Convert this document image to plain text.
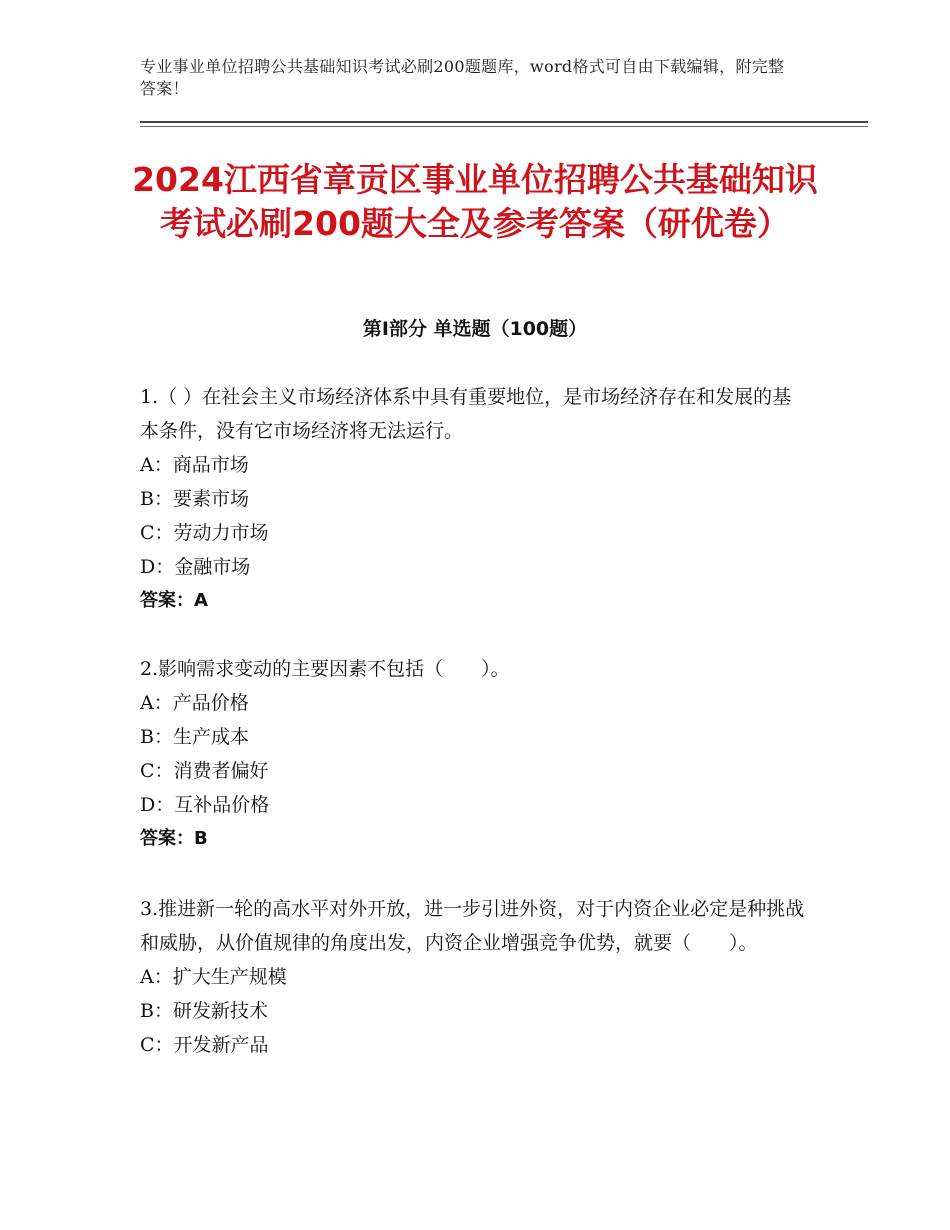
专业事业单位招聘公共基础知识考试必刷200题题库，word格式可自由下载编辑，附完整答案！
2024江西省章贡区事业单位招聘公共基础知识考试必刷200题大全及参考答案（研优卷）
第Ⅰ部分 单选题（100题）

1.（ ）在社会主义市场经济体系中具有重要地位，是市场经济存在和发展的基本条件，没有它市场经济将无法运行。

A：商品市场

B：要素市场

C：劳动力市场

D：金融市场

答案：A

2.影响需求变动的主要因素不包括（　　）。

A：产品价格

B：生产成本

C：消费者偏好

D：互补品价格

答案：B

3.推进新一轮的高水平对外开放，进一步引进外资，对于内资企业必定是种挑战和威胁，从价值规律的角度出发，内资企业增强竞争优势，就要（　　）。

A：扩大生产规模

B：研发新技术

C：开发新产品
